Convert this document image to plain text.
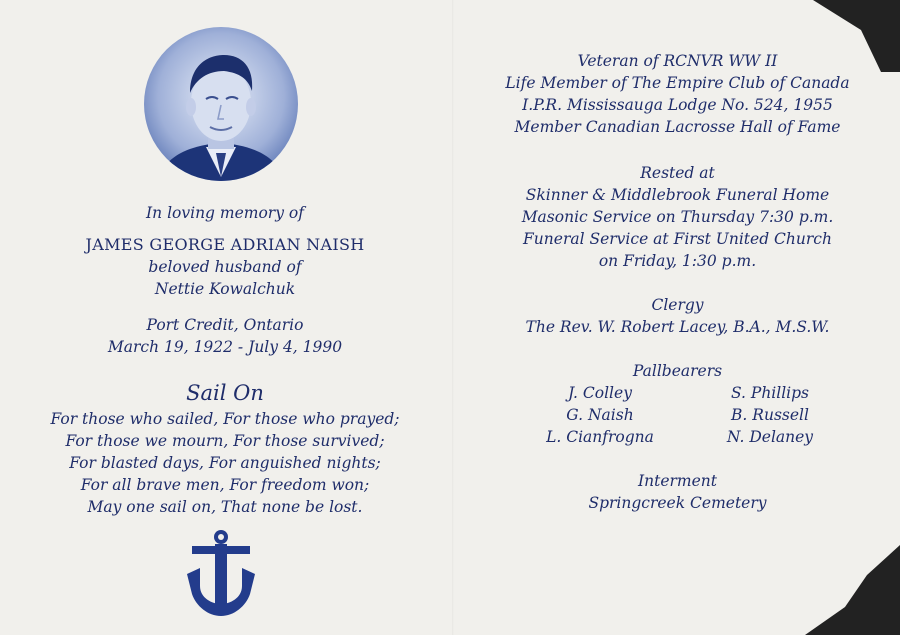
In loving memory of
JAMES GEORGE ADRIAN NAISH
beloved husband of
Nettie Kowalchuk
Port Credit, Ontario
March 19, 1922 - July 4, 1990
Sail On
For those who sailed, For those who prayed;
For those we mourn, For those survived;
For blasted days, For anguished nights;
For all brave men, For freedom won;
May one sail on, That none be lost.
Veteran of RCNVR WW II
Life Member of The Empire Club of Canada
I.P.R. Mississauga Lodge No. 524, 1955
Member Canadian Lacrosse Hall of Fame
Rested at
Skinner & Middlebrook Funeral Home
Masonic Service on Thursday 7:30 p.m.
Funeral Service at First United Church
on Friday, 1:30 p.m.
Clergy
The Rev. W. Robert Lacey, B.A., M.S.W.
Pallbearers
J. Colley	S. Phillips
G. Naish	B. Russell
L. Cianfrogna	N. Delaney
Interment
Springcreek Cemetery
